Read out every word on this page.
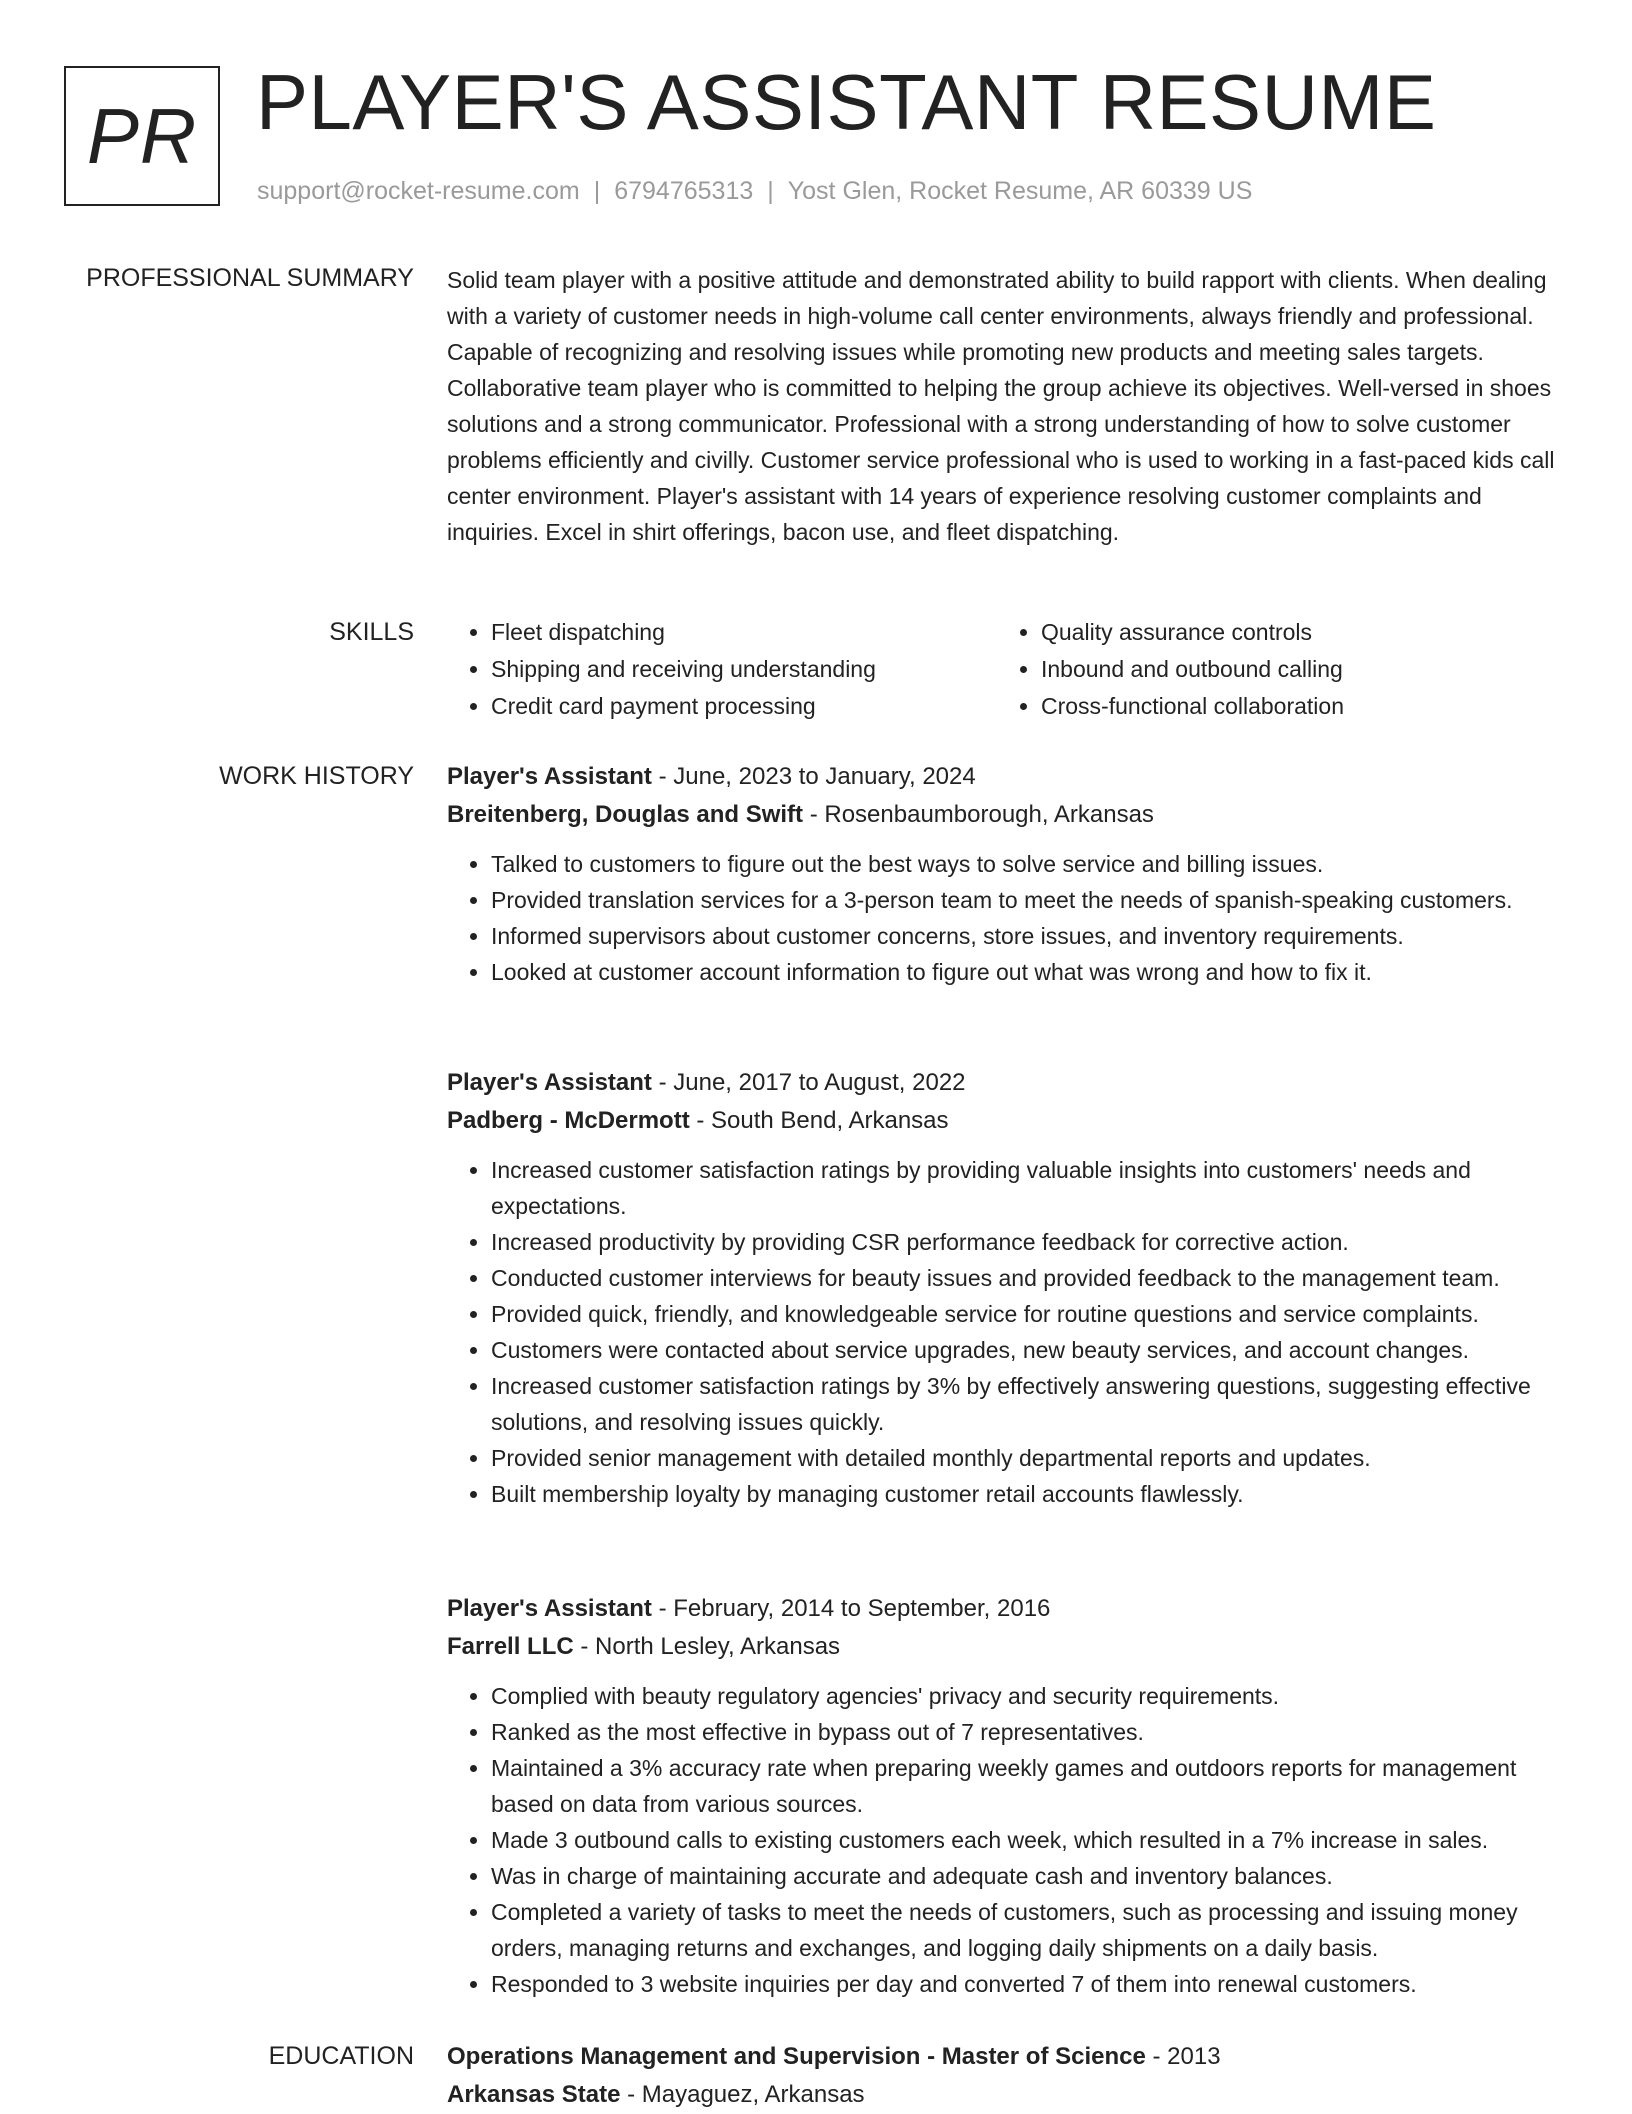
PR PLAYER'S ASSISTANT RESUME
support@rocket-resume.com | 6794765313 | Yost Glen, Rocket Resume, AR 60339 US
PROFESSIONAL SUMMARY Solid team player with a positive attitude and demonstrated ability to build rapport with clients. When dealing with a variety of customer needs in high-volume call center environments, always friendly and professional. Capable of recognizing and resolving issues while promoting new products and meeting sales targets. Collaborative team player who is committed to helping the group achieve its objectives. Well-versed in shoes solutions and a strong communicator. Professional with a strong understanding of how to solve customer problems efficiently and civilly. Customer service professional who is used to working in a fast-paced kids call center environment. Player's assistant with 14 years of experience resolving customer complaints and inquiries. Excel in shirt offerings, bacon use, and fleet dispatching.
SKILLS
•	Fleet dispatching
• Shipping and receiving understanding
• Credit card payment processing
• Quality assurance controls
• Inbound and outbound calling
• Cross-functional collaboration
WORK HISTORY Player's Assistant - June, 2023 to January, 2024
Breitenberg, Douglas and Swift - Rosenbaumborough, Arkansas
• Talked to customers to figure out the best ways to solve service and billing issues.
• Provided translation services for a 3-person team to meet the needs of spanish-speaking customers.
• Informed supervisors about customer concerns, store issues, and inventory requirements.
• Looked at customer account information to figure out what was wrong and how to fix it.
Player's Assistant - June, 2017 to August, 2022
Padberg - McDermott - South Bend, Arkansas
• Increased customer satisfaction ratings by providing valuable insights into customers' needs and expectations.
• Increased productivity by providing CSR performance feedback for corrective action.
• Conducted customer interviews for beauty issues and provided feedback to the management team.
• Provided quick, friendly, and knowledgeable service for routine questions and service complaints.
• Customers were contacted about service upgrades, new beauty services, and account changes.
• Increased customer satisfaction ratings by 3% by effectively answering questions, suggesting effective solutions, and resolving issues quickly.
• Provided senior management with detailed monthly departmental reports and updates.
• Built membership loyalty by managing customer retail accounts flawlessly.
Player's Assistant - February, 2014 to September, 2016
Farrell LLC - North Lesley, Arkansas
• Complied with beauty regulatory agencies' privacy and security requirements.
• Ranked as the most effective in bypass out of 7 representatives.
• Maintained a 3% accuracy rate when preparing weekly games and outdoors reports for management based on data from various sources.
• Made 3 outbound calls to existing customers each week, which resulted in a 7% increase in sales.
• Was in charge of maintaining accurate and adequate cash and inventory balances.
• Completed a variety of tasks to meet the needs of customers, such as processing and issuing money orders, managing returns and exchanges, and logging daily shipments on a daily basis.
• Responded to 3 website inquiries per day and converted 7 of them into renewal customers.
EDUCATION Operations Management and Supervision - Master of Science - 2013
Arkansas State - Mayaguez, Arkansas
